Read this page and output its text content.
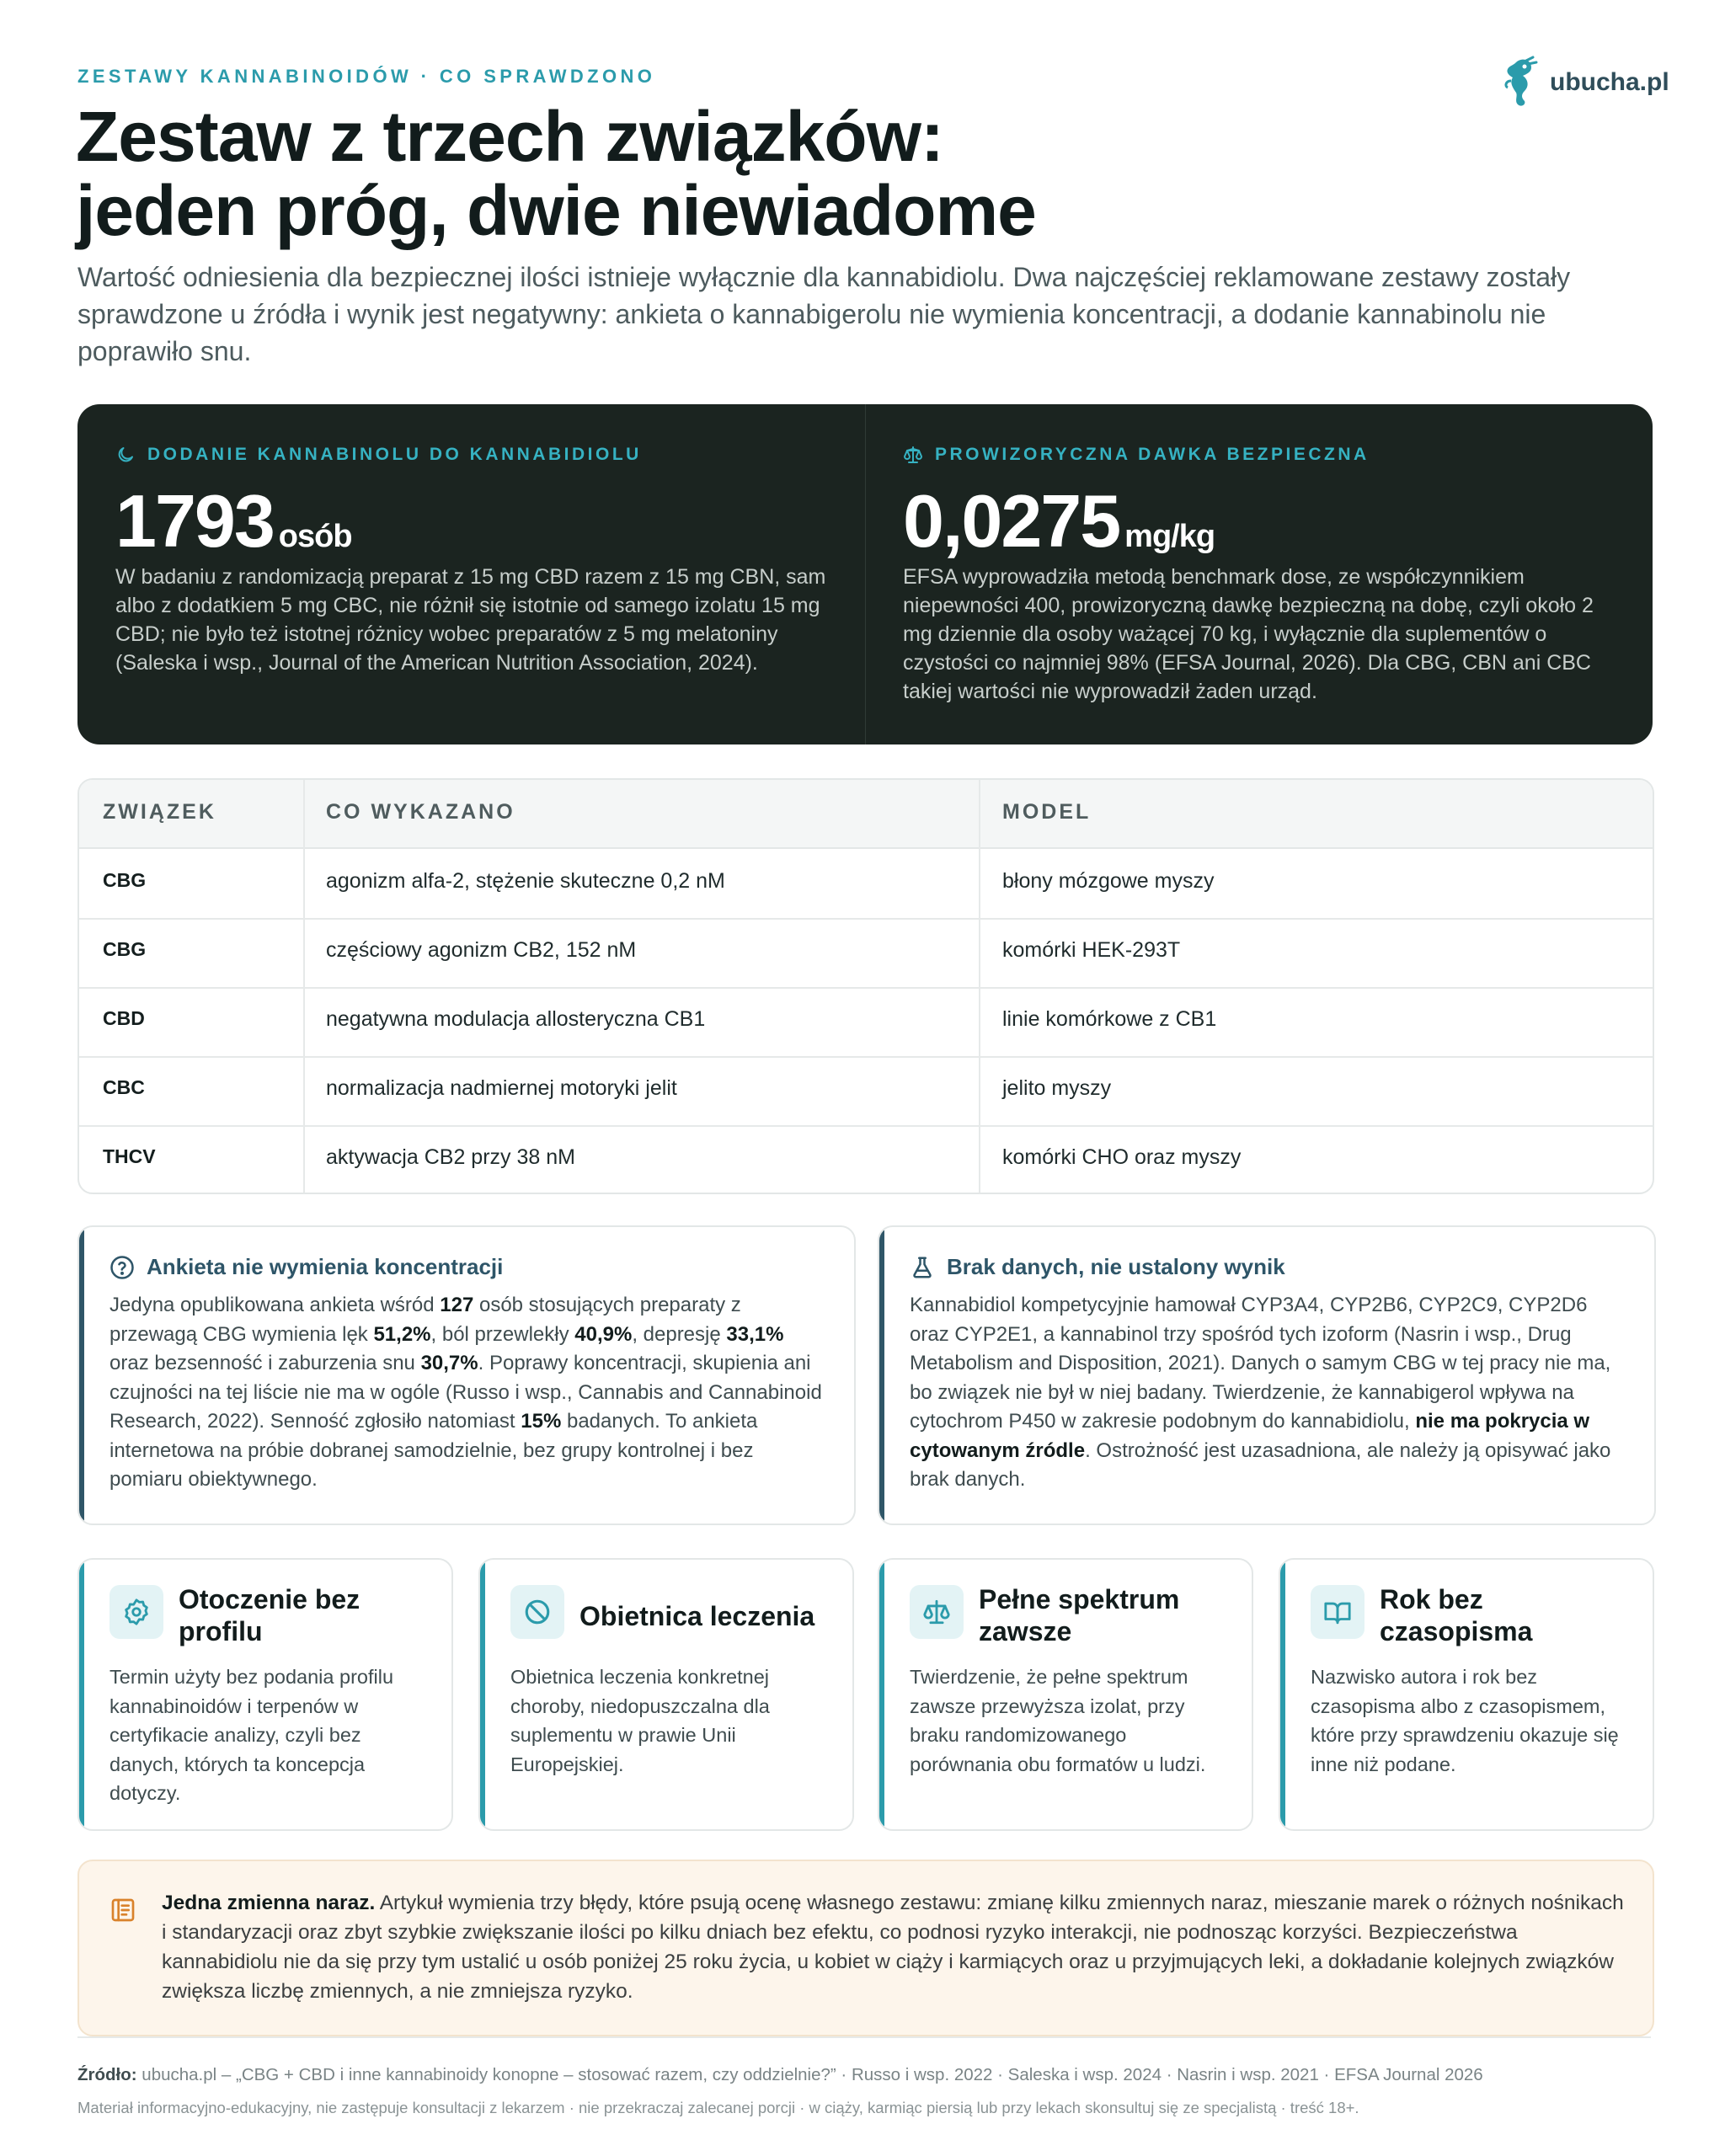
ZESTAWY KANNABINOIDÓW · CO SPRAWDZONO	ubucha.pl
Zestaw z trzech związków:
jeden próg, dwie niewiadome
Wartość odniesienia dla bezpiecznej ilości istnieje wyłącznie dla kannabidiolu. Dwa najczęściej reklamowane zestawy zostały sprawdzone u źródła i wynik jest negatywny: ankieta o kannabigerolu nie wymienia koncentracji, a dodanie kannabinolu nie poprawiło snu.
DODANIE KANNABINOLU DO KANNABIDIOLU
1793 osób
W badaniu z randomizacją preparat z 15 mg CBD razem z 15 mg CBN, sam albo z dodatkiem 5 mg CBC, nie różnił się istotnie od samego izolatu 15 mg CBD; nie było też istotnej różnicy wobec preparatów z 5 mg melatoniny (Saleska i wsp., Journal of the American Nutrition Association, 2024).
PROWIZORYCZNA DAWKA BEZPIECZNA
0,0275 mg/kg
EFSA wyprowadziła metodą benchmark dose, ze współczynnikiem niepewności 400, prowizoryczną dawkę bezpieczną na dobę, czyli około 2 mg dziennie dla osoby ważącej 70 kg, i wyłącznie dla suplementów o czystości co najmniej 98% (EFSA Journal, 2026). Dla CBG, CBN ani CBC takiej wartości nie wyprowadził żaden urząd.
ZWIĄZEK	CO WYKAZANO	MODEL
CBG	agonizm alfa-2, stężenie skuteczne 0,2 nM	błony mózgowe myszy
CBG	częściowy agonizm CB2, 152 nM	komórki HEK-293T
CBD	negatywna modulacja allosteryczna CB1	linie komórkowe z CB1
CBC	normalizacja nadmiernej motoryki jelit	jelito myszy
THCV	aktywacja CB2 przy 38 nM	komórki CHO oraz myszy
Ankieta nie wymienia koncentracji
Jedyna opublikowana ankieta wśród 127 osób stosujących preparaty z przewagą CBG wymienia lęk 51,2%, ból przewlekły 40,9%, depresję 33,1% oraz bezsenność i zaburzenia snu 30,7%. Poprawy koncentracji, skupienia ani czujności na tej liście nie ma w ogóle (Russo i wsp., Cannabis and Cannabinoid Research, 2022). Senność zgłosiło natomiast 15% badanych. To ankieta internetowa na próbie dobranej samodzielnie, bez grupy kontrolnej i bez pomiaru obiektywnego.
Brak danych, nie ustalony wynik
Kannabidiol kompetycyjnie hamował CYP3A4, CYP2B6, CYP2C9, CYP2D6 oraz CYP2E1, a kannabinol trzy spośród tych izoform (Nasrin i wsp., Drug Metabolism and Disposition, 2021). Danych o samym CBG w tej pracy nie ma, bo związek nie był w niej badany. Twierdzenie, że kannabigerol wpływa na cytochrom P450 w zakresie podobnym do kannabidiolu, nie ma pokrycia w cytowanym źródle. Ostrożność jest uzasadniona, ale należy ją opisywać jako brak danych.
Otoczenie bez profilu
Termin użyty bez podania profilu kannabinoidów i terpenów w certyfikacie analizy, czyli bez danych, których ta koncepcja dotyczy.
Obietnica leczenia
Obietnica leczenia konkretnej choroby, niedopuszczalna dla suplementu w prawie Unii Europejskiej.
Pełne spektrum zawsze
Twierdzenie, że pełne spektrum zawsze przewyższa izolat, przy braku randomizowanego porównania obu formatów u ludzi.
Rok bez czasopisma
Nazwisko autora i rok bez czasopisma albo z czasopismem, które przy sprawdzeniu okazuje się inne niż podane.
Jedna zmienna naraz. Artykuł wymienia trzy błędy, które psują ocenę własnego zestawu: zmianę kilku zmiennych naraz, mieszanie marek o różnych nośnikach i standaryzacji oraz zbyt szybkie zwiększanie ilości po kilku dniach bez efektu, co podnosi ryzyko interakcji, nie podnosząc korzyści. Bezpieczeństwa kannabidiolu nie da się przy tym ustalić u osób poniżej 25 roku życia, u kobiet w ciąży i karmiących oraz u przyjmujących leki, a dokładanie kolejnych związków zwiększa liczbę zmiennych, a nie zmniejsza ryzyko.
Źródło: ubucha.pl – „CBG + CBD i inne kannabinoidy konopne – stosować razem, czy oddzielnie?” · Russo i wsp. 2022 · Saleska i wsp. 2024 · Nasrin i wsp. 2021 · EFSA Journal 2026
Materiał informacyjno-edukacyjny, nie zastępuje konsultacji z lekarzem · nie przekraczaj zalecanej porcji · w ciąży, karmiąc piersią lub przy lekach skonsultuj się ze specjalistą · treść 18+.
